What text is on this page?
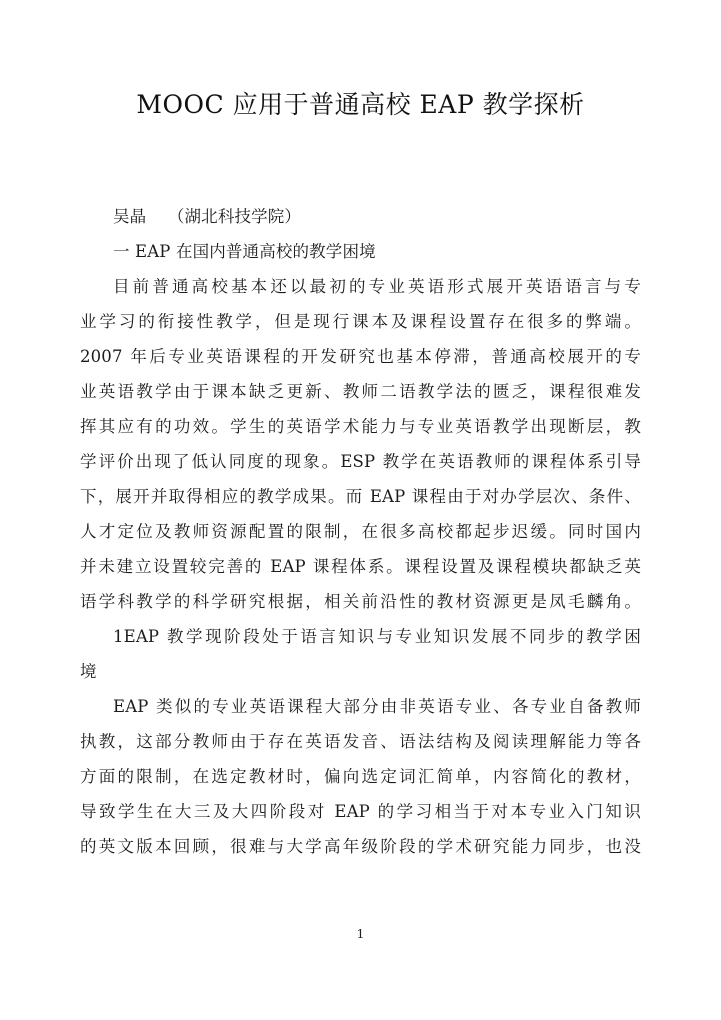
MOOC 应用于普通高校 EAP 教学探析
吴晶    （湖北科技学院）
一 EAP 在国内普通高校的教学困境
目前普通高校基本还以最初的专业英语形式展开英语语言与专
业学习的衔接性教学，但是现行课本及课程设置存在很多的弊端。
2007 年后专业英语课程的开发研究也基本停滞，普通高校展开的专
业英语教学由于课本缺乏更新、教师二语教学法的匮乏，课程很难发
挥其应有的功效。学生的英语学术能力与专业英语教学出现断层，教
学评价出现了低认同度的现象。ESP 教学在英语教师的课程体系引导
下，展开并取得相应的教学成果。而 EAP 课程由于对办学层次、条件、
人才定位及教师资源配置的限制，在很多高校都起步迟缓。同时国内
并未建立设置较完善的 EAP 课程体系。课程设置及课程模块都缺乏英
语学科教学的科学研究根据，相关前沿性的教材资源更是凤毛麟角。
1EAP 教学现阶段处于语言知识与专业知识发展不同步的教学困
境
EAP 类似的专业英语课程大部分由非英语专业、各专业自备教师
执教，这部分教师由于存在英语发音、语法结构及阅读理解能力等各
方面的限制，在选定教材时，偏向选定词汇简单，内容简化的教材，
导致学生在大三及大四阶段对 EAP 的学习相当于对本专业入门知识
的英文版本回顾，很难与大学高年级阶段的学术研究能力同步，也没
1
